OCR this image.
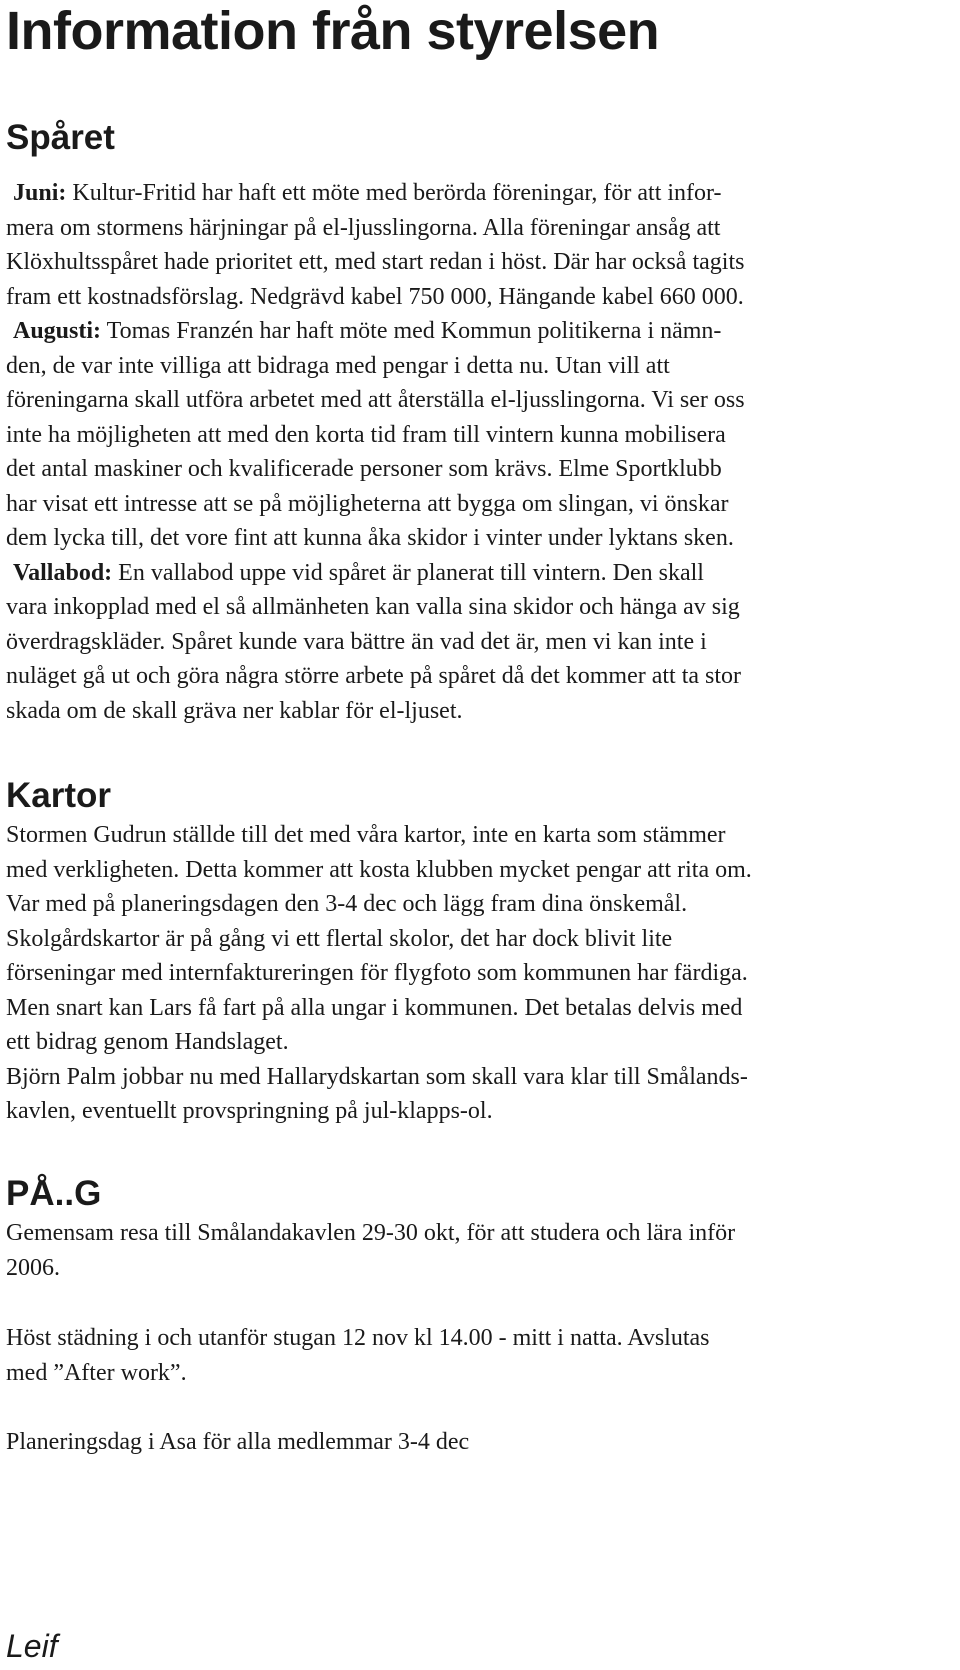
Information från styrelsen
Spåret
Juni: Kultur-Fritid har haft ett möte med berörda föreningar, för att infor-
mera om stormens härjningar på el-ljusslingorna. Alla föreningar ansåg att
Klöxhultsspåret hade prioritet ett, med start redan i höst. Där har också tagits
fram ett kostnadsförslag. Nedgrävd kabel 750 000, Hängande kabel 660 000.
Augusti: Tomas Franzén har haft möte med Kommun politikerna i nämn-
den, de var inte villiga att bidraga med pengar i detta nu. Utan vill att
föreningarna skall utföra arbetet med att återställa el-ljusslingorna. Vi ser oss
inte ha möjligheten att med den korta tid fram till vintern kunna mobilisera
det antal maskiner och kvalificerade personer som krävs. Elme Sportklubb
har visat ett intresse att se på möjligheterna att bygga om slingan, vi önskar
dem lycka till, det vore fint att kunna åka skidor i vinter under lyktans sken.
Vallabod: En vallabod uppe vid spåret är planerat till vintern. Den skall
vara inkopplad med el så allmänheten kan valla sina skidor och hänga av sig
överdragskläder. Spåret kunde vara bättre än vad det är, men vi kan inte i
nuläget gå ut och göra några större arbete på spåret då det kommer att ta stor
skada om de skall gräva ner kablar för el-ljuset.
Kartor
Stormen Gudrun ställde till det med våra kartor, inte en karta som stämmer
med verkligheten. Detta kommer att kosta klubben mycket pengar att rita om.
Var med på planeringsdagen den 3-4 dec och lägg fram dina önskemål.
Skolgårdskartor är på gång vi ett flertal skolor, det har dock blivit lite
förseningar med internfaktureringen för flygfoto som kommunen har färdiga.
Men snart kan Lars få fart på alla ungar i kommunen. Det betalas delvis med
ett bidrag genom Handslaget.
Björn Palm jobbar nu med Hallarydskartan som skall vara klar till Smålands-
kavlen, eventuellt provspringning på jul-klapps-ol.
PÅ..G
Gemensam resa till Smålandakavlen 29-30 okt, för att studera och lära inför
2006.
Höst städning i och utanför stugan 12 nov kl 14.00 - mitt i natta. Avslutas
med ”After work”.
Planeringsdag i Asa för alla medlemmar 3-4 dec
Leif
